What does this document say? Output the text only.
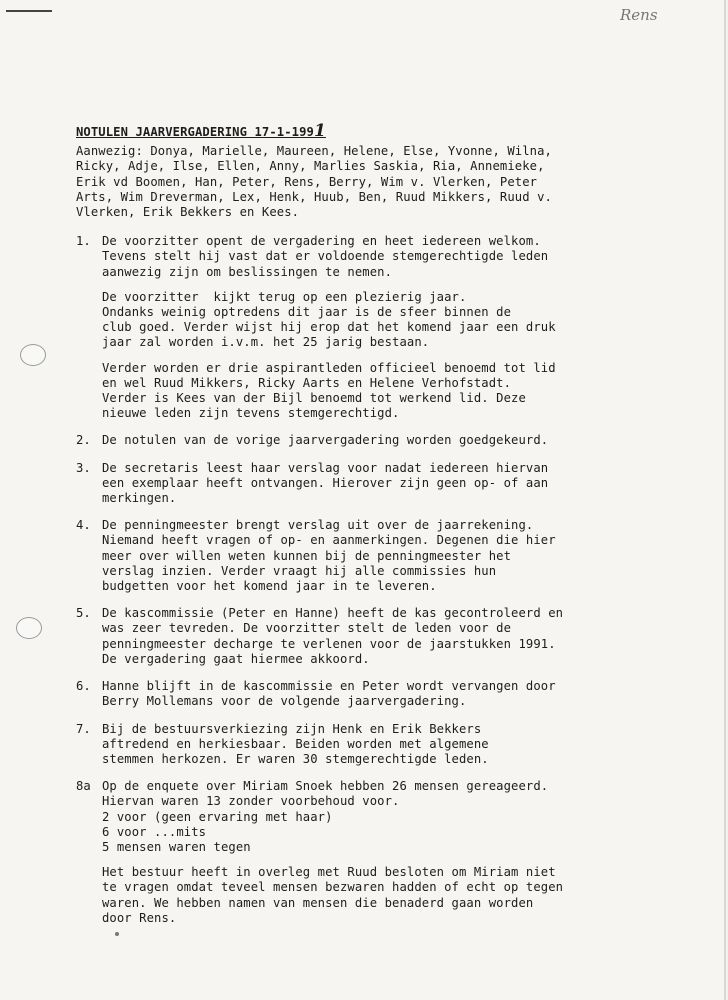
Rens
NOTULEN JAARVERGADERING 17-1-1991
Aanwezig: Donya, Marielle, Maureen, Helene, Else, Yvonne, Wilna,
Ricky, Adje, Ilse, Ellen, Anny, Marlies Saskia, Ria, Annemieke,
Erik vd Boomen, Han, Peter, Rens, Berry, Wim v. Vlerken, Peter
Arts, Wim Dreverman, Lex, Henk, Huub, Ben, Ruud Mikkers, Ruud v.
Vlerken, Erik Bekkers en Kees.
1. De voorzitter opent de vergadering en heet iedereen welkom.
Tevens stelt hij vast dat er voldoende stemgerechtigde leden
aanwezig zijn om beslissingen te nemen.
De voorzitter  kijkt terug op een plezierig jaar.
Ondanks weinig optredens dit jaar is de sfeer binnen de
club goed. Verder wijst hij erop dat het komend jaar een druk
jaar zal worden i.v.m. het 25 jarig bestaan.
Verder worden er drie aspirantleden officieel benoemd tot lid
en wel Ruud Mikkers, Ricky Aarts en Helene Verhofstadt.
Verder is Kees van der Bijl benoemd tot werkend lid. Deze
nieuwe leden zijn tevens stemgerechtigd.
2. De notulen van de vorige jaarvergadering worden goedgekeurd.
3. De secretaris leest haar verslag voor nadat iedereen hiervan
een exemplaar heeft ontvangen. Hierover zijn geen op- of aan
merkingen.
4. De penningmeester brengt verslag uit over de jaarrekening.
Niemand heeft vragen of op- en aanmerkingen. Degenen die hier
meer over willen weten kunnen bij de penningmeester het
verslag inzien. Verder vraagt hij alle commissies hun
budgetten voor het komend jaar in te leveren.
5. De kascommissie (Peter en Hanne) heeft de kas gecontroleerd en
was zeer tevreden. De voorzitter stelt de leden voor de
penningmeester decharge te verlenen voor de jaarstukken 1991.
De vergadering gaat hiermee akkoord.
6. Hanne blijft in de kascommissie en Peter wordt vervangen door
Berry Mollemans voor de volgende jaarvergadering.
7. Bij de bestuursverkiezing zijn Henk en Erik Bekkers
aftredend en herkiesbaar. Beiden worden met algemene
stemmen herkozen. Er waren 30 stemgerechtigde leden.
8a Op de enquete over Miriam Snoek hebben 26 mensen gereageerd.
Hiervan waren 13 zonder voorbehoud voor.
2 voor (geen ervaring met haar)
6 voor ...mits
5 mensen waren tegen
Het bestuur heeft in overleg met Ruud besloten om Miriam niet
te vragen omdat teveel mensen bezwaren hadden of echt op tegen
waren. We hebben namen van mensen die benaderd gaan worden
door Rens.
